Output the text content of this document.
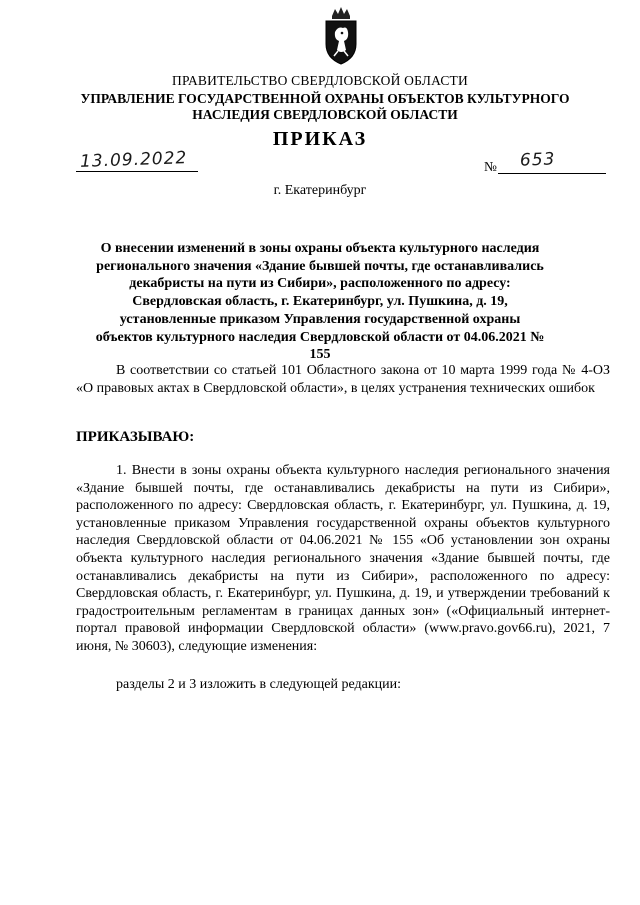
ПРАВИТЕЛЬСТВО СВЕРДЛОВСКОЙ ОБЛАСТИ
УПРАВЛЕНИЕ ГОСУДАРСТВЕННОЙ ОХРАНЫ ОБЪЕКТОВ КУЛЬТУРНОГО НАСЛЕДИЯ СВЕРДЛОВСКОЙ ОБЛАСТИ
ПРИКАЗ
13.09.2022	№ 653
г. Екатеринбург
О внесении изменений в зоны охраны объекта культурного наследия регионального значения «Здание бывшей почты, где останавливались декабристы на пути из Сибири», расположенного по адресу: Свердловская область, г. Екатеринбург, ул. Пушкина, д. 19, установленные приказом Управления государственной охраны объектов культурного наследия Свердловской области от 04.06.2021 № 155
В соответствии со статьей 101 Областного закона от 10 марта 1999 года № 4-ОЗ «О правовых актах в Свердловской области», в целях устранения технических ошибок
ПРИКАЗЫВАЮ:
1. Внести в зоны охраны объекта культурного наследия регионального значения «Здание бывшей почты, где останавливались декабристы на пути из Сибири», расположенного по адресу: Свердловская область, г. Екатеринбург, ул. Пушкина, д. 19, установленные приказом Управления государственной охраны объектов культурного наследия Свердловской области от 04.06.2021 № 155 «Об установлении зон охраны объекта культурного наследия регионального значения «Здание бывшей почты, где останавливались декабристы на пути из Сибири», расположенного по адресу: Свердловская область, г. Екатеринбург, ул. Пушкина, д. 19, и утверждении требований к градостроительным регламентам в границах данных зон» («Официальный интернет-портал правовой информации Свердловской области» (www.pravo.gov66.ru), 2021, 7 июня, № 30603), следующие изменения:
разделы 2 и 3 изложить в следующей редакции:
